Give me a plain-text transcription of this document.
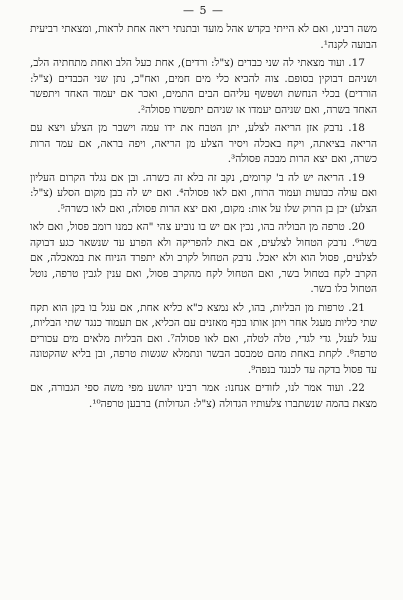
— 5 —

משה רבינו, ואם לא הייתי בקדש אהל מועד ובתנתי ריאה אחת לראות, ומצאתי רביעית הבועה לקנה¹.

17. ועוד מצאתי לה שני כבדים (צ"ל: ורדים), אחת כעל הלב ואחת מתחתיה הלב, ושניהם דבוקין בסופם. צוה להביא כלי מים חמים, ואח"כ, נתן שני הכבדים (צ"ל: הורדים) בכלי הנחשת ושפשף עליהם הבים התמים, ואכר אם יעמוד האחד ויתפשר האחד בשרה, ואם שניהם יעמדו או שניהם יתפשרו פסולה².

18. נדבק אזן הריאה לצלע, יתן הטבח את ידו עמה וישבר מן הצלע ויצא עם הריאה בציאתה, ויקח באכלה ויסיר הצלע מן הריאה, ויפה בראה, אם עמד הרות כשרה, ואם יצא הרות מבכה פסולה³.

19. הריאה יש לה ב' קרומים, נקב זה בלא זה כשרה. ובן אם נגלד הקרום העליון ואם עולה כבועות ועמוד הרוח, ואם לאו פסולה⁴. ואם יש לה בבן מקום הסלע (צ"ל: הצלע) יבן בן הרוק שלו על אות: מקום, ואם יצא הרות פסולה, ואם לאו כשרה⁵.

20. טרפה מן הבוליה בהו, נכין אם יש בו נוביע צהי "הא כמנו רומב פסול, ואם לאו בשר⁶. נדבק הטחול לצלעים, אם באת להפריקה ולא הפרע עד שנשאר כגע דבוקה לצלעים, פסול הוא ולא יאכל. נדבק הטחול לקרב ולא יתפרד הניוח את במאכלה, אם הקרב לקח בטחול בשר, ואם הטחול לקח מהקרב פסול, ואם ענין לגבין טרפה, נוטל הטחול כלו בשר.

21. טרפות מן הבליות, בהו, לא נמצא כ"א כליא אחת, אם עגל בו בקן הוא תקח שתי כליות מעגל אחר ויתן אותו בכף מאזנים עם הכליא, אם תעמוד כנגד שתי הבליות, עגל לענל, גדי לגדי, טלה לטלה, ואם לאו פסולה⁷. ואם הבליות מלאים מים עכורים טרפה⁸. לקחת באחת מהם טמבסב הבשר ונתמלא שגשות טרפה, ובן בליא שהקטונה עד פסול בדקה עד לכנגד בנפה⁹.

22. ועוד אמר לנו, לזודים אנחנו: אמר רבינו יהושע מפי משה ספי הגבורה, אם מצאת בהמה שנשתברו צלעותיו הגדולה (צ"ל: הגדולות) ברבען טרפה¹⁰.
